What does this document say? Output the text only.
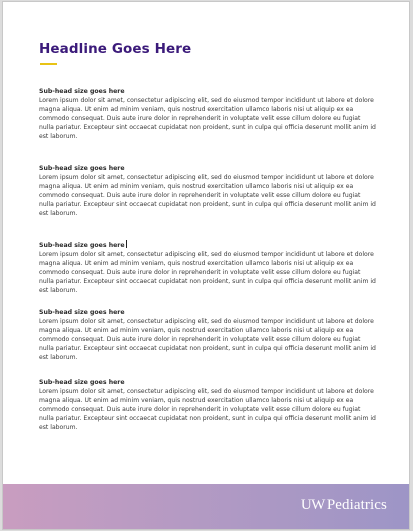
Headline Goes Here
Sub-head size goes here
Lorem ipsum dolor sit amet, consectetur adipiscing elit, sed do eiusmod tempor incididunt ut labore et dolore magna aliqua. Ut enim ad minim veniam, quis nostrud exercitation ullamco laboris nisi ut aliquip ex ea commodo consequat. Duis aute irure dolor in reprehenderit in voluptate velit esse cillum dolore eu fugiat nulla pariatur. Excepteur sint occaecat cupidatat non proident, sunt in culpa qui officia deserunt mollit anim id est laborum.
Sub-head size goes here
Lorem ipsum dolor sit amet, consectetur adipiscing elit, sed do eiusmod tempor incididunt ut labore et dolore magna aliqua. Ut enim ad minim veniam, quis nostrud exercitation ullamco laboris nisi ut aliquip ex ea commodo consequat. Duis aute irure dolor in reprehenderit in voluptate velit esse cillum dolore eu fugiat nulla pariatur. Excepteur sint occaecat cupidatat non proident, sunt in culpa qui officia deserunt mollit anim id est laborum.
Sub-head size goes here
Lorem ipsum dolor sit amet, consectetur adipiscing elit, sed do eiusmod tempor incididunt ut labore et dolore magna aliqua. Ut enim ad minim veniam, quis nostrud exercitation ullamco laboris nisi ut aliquip ex ea commodo consequat. Duis aute irure dolor in reprehenderit in voluptate velit esse cillum dolore eu fugiat nulla pariatur. Excepteur sint occaecat cupidatat non proident, sunt in culpa qui officia deserunt mollit anim id est laborum.
Sub-head size goes here
Lorem ipsum dolor sit amet, consectetur adipiscing elit, sed do eiusmod tempor incididunt ut labore et dolore magna aliqua. Ut enim ad minim veniam, quis nostrud exercitation ullamco laboris nisi ut aliquip ex ea commodo consequat. Duis aute irure dolor in reprehenderit in voluptate velit esse cillum dolore eu fugiat nulla pariatur. Excepteur sint occaecat cupidatat non proident, sunt in culpa qui officia deserunt mollit anim id est laborum.
Sub-head size goes here
Lorem ipsum dolor sit amet, consectetur adipiscing elit, sed do eiusmod tempor incididunt ut labore et dolore magna aliqua. Ut enim ad minim veniam, quis nostrud exercitation ullamco laboris nisi ut aliquip ex ea commodo consequat. Duis aute irure dolor in reprehenderit in voluptate velit esse cillum dolore eu fugiat nulla pariatur. Excepteur sint occaecat cupidatat non proident, sunt in culpa qui officia deserunt mollit anim id est laborum.
UW Pediatrics
